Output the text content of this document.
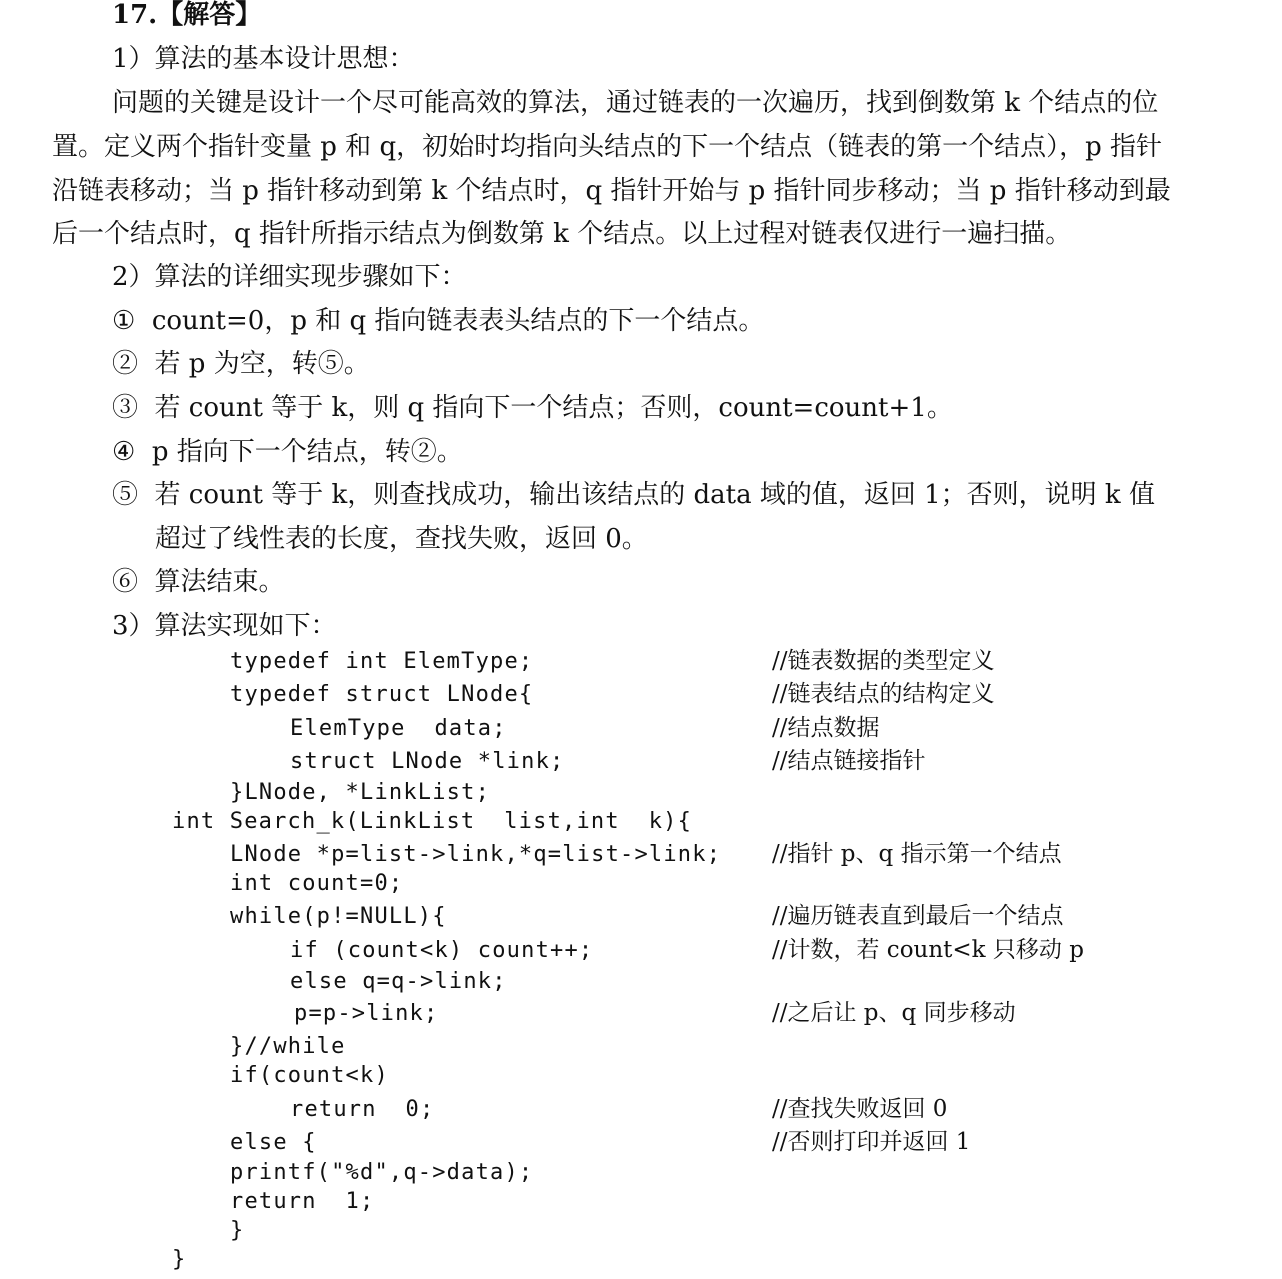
17.【解答】
1）算法的基本设计思想：
问题的关键是设计一个尽可能高效的算法，通过链表的一次遍历，找到倒数第 k 个结点的位
置。定义两个指针变量 p 和 q，初始时均指向头结点的下一个结点（链表的第一个结点），p 指针
沿链表移动；当 p 指针移动到第 k 个结点时，q 指针开始与 p 指针同步移动；当 p 指针移动到最
后一个结点时，q 指针所指示结点为倒数第 k 个结点。以上过程对链表仅进行一遍扫描。
2）算法的详细实现步骤如下：
①  count=0，p 和 q 指向链表表头结点的下一个结点。
②  若 p 为空，转⑤。
③  若 count 等于 k，则 q 指向下一个结点；否则，count=count+1。
④  p 指向下一个结点，转②。
⑤  若 count 等于 k，则查找成功，输出该结点的 data 域的值，返回 1；否则，说明 k 值
超过了线性表的长度，查找失败，返回 0。
⑥  算法结束。
3）算法实现如下：
typedef int ElemType;
typedef struct LNode{
ElemType  data;
struct LNode *link;
}LNode, *LinkList;
int Search_k(LinkList  list,int  k){
LNode *p=list->link,*q=list->link;
int count=0;
while(p!=NULL){
if (count<k) count++;
else q=q->link;
p=p->link;
}//while
if(count<k)
return  0;
else {
printf("%d",q->data);
return  1;
}
}
//链表数据的类型定义
//链表结点的结构定义
//结点数据
//结点链接指针
//指针 p、q 指示第一个结点
//遍历链表直到最后一个结点
//计数，若 count<k 只移动 p
//之后让 p、q 同步移动
//查找失败返回 0
//否则打印并返回 1
